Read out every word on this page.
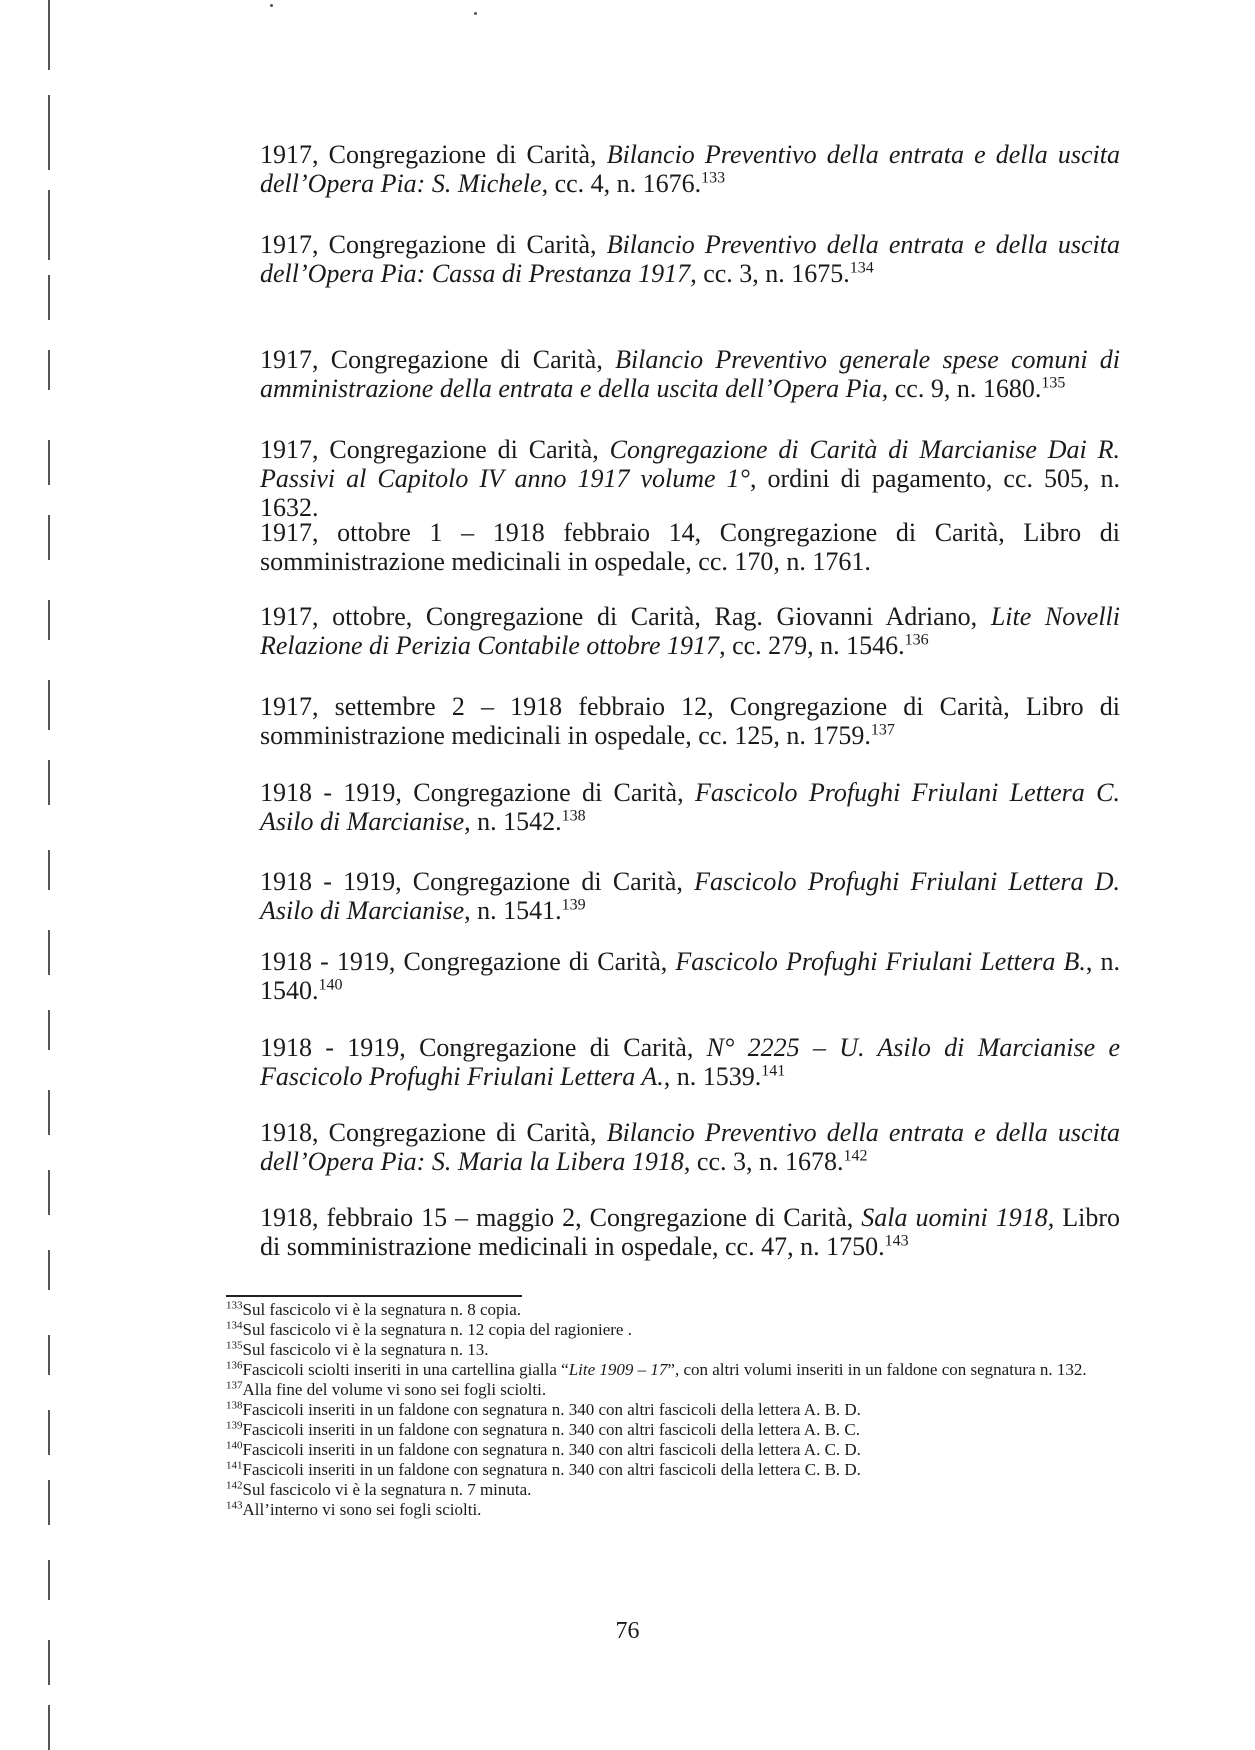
1917, Congregazione di Carità, Bilancio Preventivo della entrata e della uscita dell’Opera Pia: S. Michele, cc. 4, n. 1676.$^{133}$

1917, Congregazione di Carità, Bilancio Preventivo della entrata e della uscita dell’Opera Pia: Cassa di Prestanza 1917, cc. 3, n. 1675.$^{134}$

1917, Congregazione di Carità, Bilancio Preventivo generale spese comuni di amministrazione della entrata e della uscita dell’Opera Pia, cc. 9, n. 1680.$^{135}$

1917, Congregazione di Carità, Congregazione di Carità di Marcianise Dai R. Passivi al Capitolo IV anno 1917 volume 1°, ordini di pagamento, cc. 505, n. 1632.

1917, ottobre 1 – 1918 febbraio 14, Congregazione di Carità, Libro di somministrazione medicinali in ospedale, cc. 170, n. 1761.

1917, ottobre, Congregazione di Carità, Rag. Giovanni Adriano, Lite Novelli Relazione di Perizia Contabile ottobre 1917, cc. 279, n. 1546.$^{136}$

1917, settembre 2 – 1918 febbraio 12, Congregazione di Carità, Libro di somministrazione medicinali in ospedale, cc. 125, n. 1759.$^{137}$

1918 - 1919, Congregazione di Carità, Fascicolo Profughi Friulani Lettera C. Asilo di Marcianise, n. 1542.$^{138}$

1918 - 1919, Congregazione di Carità, Fascicolo Profughi Friulani Lettera D. Asilo di Marcianise, n. 1541.$^{139}$

1918 - 1919, Congregazione di Carità, Fascicolo Profughi Friulani Lettera B., n. 1540.$^{140}$

1918 - 1919, Congregazione di Carità, N° 2225 – U. Asilo di Marcianise e Fascicolo Profughi Friulani Lettera A., n. 1539.$^{141}$

1918, Congregazione di Carità, Bilancio Preventivo della entrata e della uscita dell’Opera Pia: S. Maria la Libera 1918, cc. 3, n. 1678.$^{142}$

1918, febbraio 15 – maggio 2, Congregazione di Carità, Sala uomini 1918, Libro di somministrazione medicinali in ospedale, cc. 47, n. 1750.$^{143}$

$^{133}$Sul fascicolo vi è la segnatura n. 8 copia.

$^{134}$Sul fascicolo vi è la segnatura n. 12 copia del ragioniere .

$^{135}$Sul fascicolo vi è la segnatura n. 13.

$^{136}$Fascicoli sciolti inseriti in una cartellina gialla “Lite 1909 – 17”, con altri volumi inseriti in un faldone con segnatura n. 132.

$^{137}$Alla fine del volume vi sono sei fogli sciolti.

$^{138}$Fascicoli inseriti in un faldone con segnatura n. 340 con altri fascicoli della lettera A. B. D.

$^{139}$Fascicoli inseriti in un faldone con segnatura n. 340 con altri fascicoli della lettera A. B. C.

$^{140}$Fascicoli inseriti in un faldone con segnatura n. 340 con altri fascicoli della lettera A. C. D.

$^{141}$Fascicoli inseriti in un faldone con segnatura n. 340 con altri fascicoli della lettera C. B. D.

$^{142}$Sul fascicolo vi è la segnatura n. 7 minuta.

$^{143}$All’interno vi sono sei fogli sciolti.

76
